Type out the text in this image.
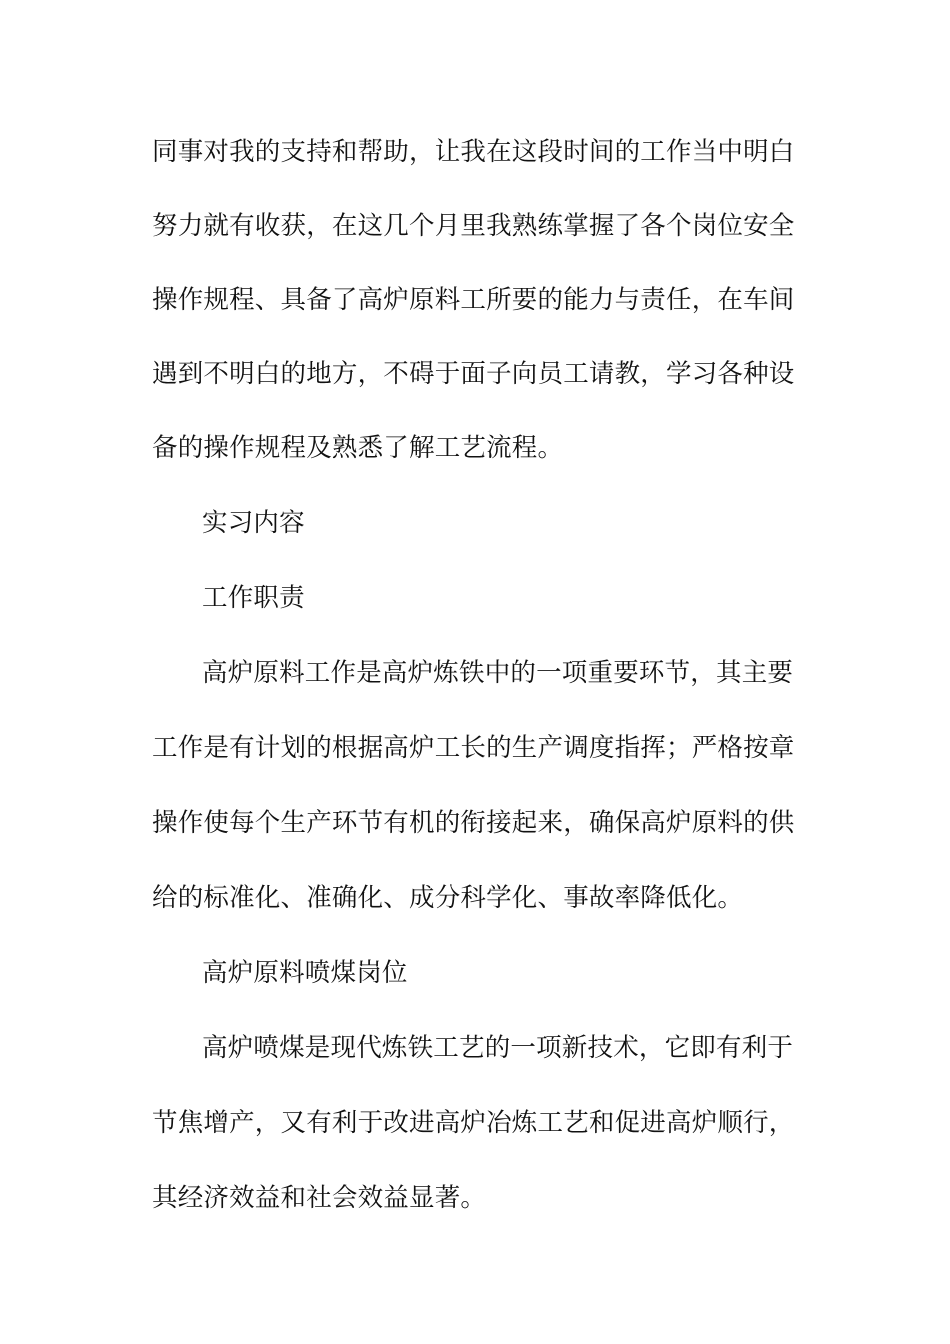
同事对我的支持和帮助，让我在这段时间的工作当中明白
努力就有收获，在这几个月里我熟练掌握了各个岗位安全
操作规程、具备了高炉原料工所要的能力与责任，在车间
遇到不明白的地方，不碍于面子向员工请教，学习各种设
备的操作规程及熟悉了解工艺流程。
实习内容
工作职责
高炉原料工作是高炉炼铁中的一项重要环节，其主要
工作是有计划的根据高炉工长的生产调度指挥；严格按章
操作使每个生产环节有机的衔接起来，确保高炉原料的供
给的标准化、准确化、成分科学化、事故率降低化。
高炉原料喷煤岗位
高炉喷煤是现代炼铁工艺的一项新技术，它即有利于
节焦增产，又有利于改进高炉冶炼工艺和促进高炉顺行，
其经济效益和社会效益显著。
